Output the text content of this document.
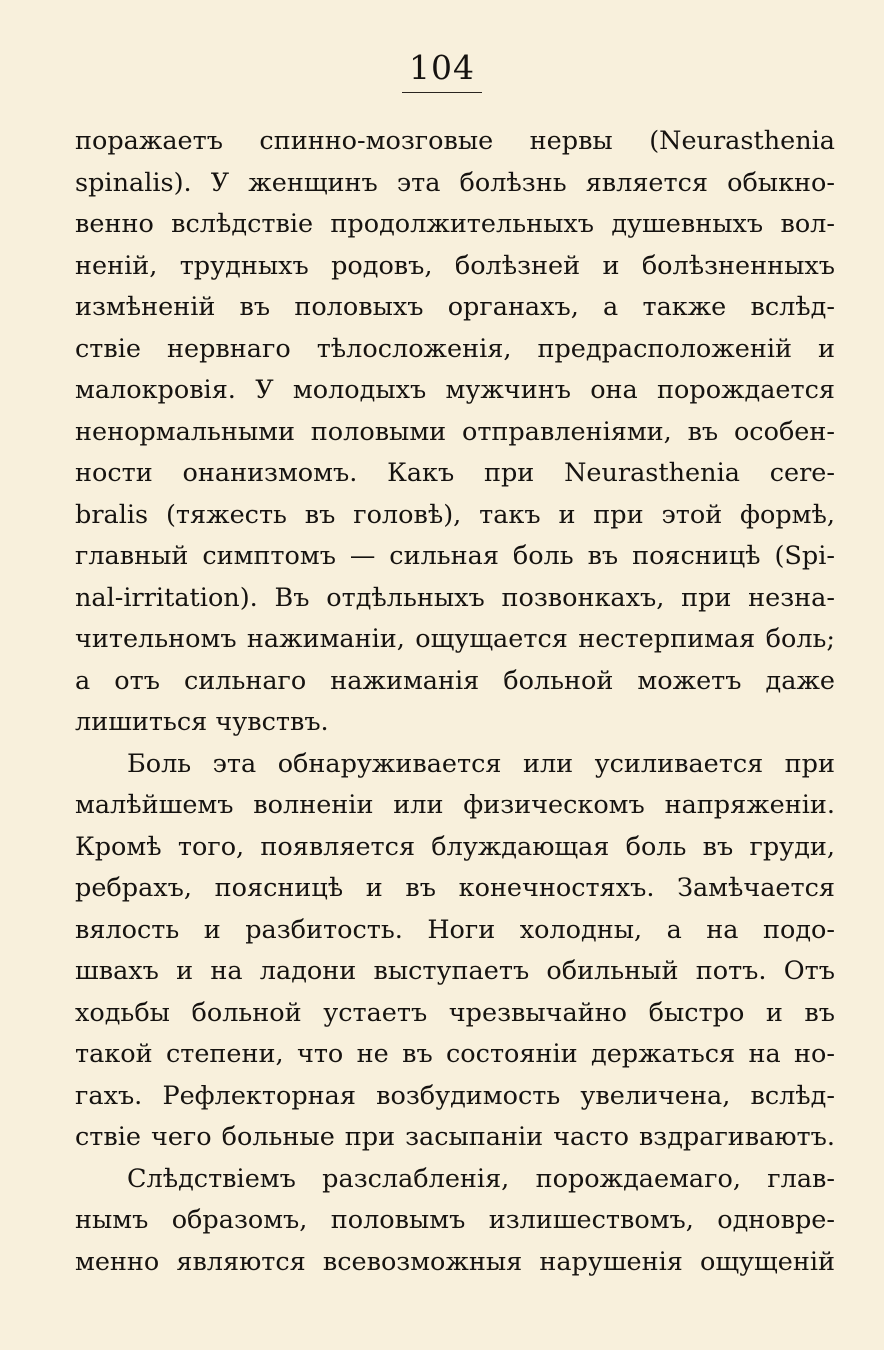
104
поражаетъ спинно-мозговые нервы (Neurasthenia
spinalis). У женщинъ эта болѣзнь является обыкно-
венно вслѣдствіе продолжительныхъ душевныхъ вол-
неній, трудныхъ родовъ, болѣзней и болѣзненныхъ
измѣненій въ половыхъ органахъ, а также вслѣд-
ствіе нервнаго тѣлосложенія, предрасположеній и
малокровія. У молодыхъ мужчинъ она порождается
ненормальными половыми отправленіями, въ особен-
ности онанизмомъ. Какъ при Neurasthenia cere-
bralis (тяжесть въ головѣ), такъ и при этой формѣ,
главный симптомъ — сильная боль въ поясницѣ (Spi-
nal-irritation). Въ отдѣльныхъ позвонкахъ, при незна-
чительномъ нажиманіи, ощущается нестерпимая боль;
а отъ сильнаго нажиманія больной можетъ даже
лишиться чувствъ.
Боль эта обнаруживается или усиливается при
малѣйшемъ волненіи или физическомъ напряженіи.
Кромѣ того, появляется блуждающая боль въ груди,
ребрахъ, поясницѣ и въ конечностяхъ. Замѣчается
вялость и разбитость. Ноги холодны, а на подо-
швахъ и на ладони выступаетъ обильный потъ. Отъ
ходьбы больной устаетъ чрезвычайно быстро и въ
такой степени, что не въ состояніи держаться на но-
гахъ. Рефлекторная возбудимость увеличена, вслѣд-
ствіе чего больные при засыпаніи часто вздрагиваютъ.
Слѣдствіемъ разслабленія, порождаемаго, глав-
нымъ образомъ, половымъ излишествомъ, одновре-
менно являются всевозможныя нарушенія ощущеній
